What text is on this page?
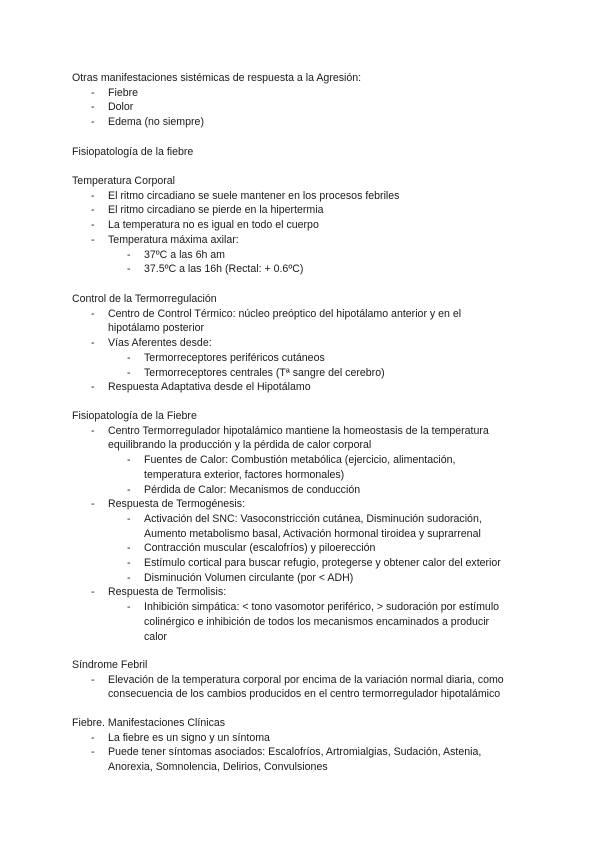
Otras manifestaciones sistémicas de respuesta a la Agresión:
-	Fiebre
-	Dolor
-	Edema (no siempre)
Fisiopatología de la fiebre
Temperatura Corporal
-	El ritmo circadiano se suele mantener en los procesos febriles
-	El ritmo circadiano se pierde en la hipertermia
-	La temperatura no es igual en todo el cuerpo
-	Temperatura máxima axilar:
-	37ºC a las 6h am
-	37.5ºC a las 16h (Rectal: + 0.6ºC)
Control de la Termorregulación
-	Centro de Control Térmico: núcleo preóptico del hipotálamo anterior y en el
hipotálamo posterior
-	Vías Aferentes desde:
-	Termorreceptores periféricos cutáneos
-	Termorreceptores centrales (Tª sangre del cerebro)
-	Respuesta Adaptativa desde el Hipotálamo
Fisiopatología de la Fiebre
-	Centro Termorregulador hipotalámico mantiene la homeostasis de la temperatura
equilibrando la producción y la pérdida de calor corporal
-	Fuentes de Calor: Combustión metabólica (ejercicio, alimentación,
temperatura exterior, factores hormonales)
-	Pérdida de Calor: Mecanismos de conducción
-	Respuesta de Termogénesis:
-	Activación del SNC: Vasoconstricción cutánea, Disminución sudoración,
Aumento metabolismo basal, Activación hormonal tiroidea y suprarrenal
-	Contracción muscular (escalofríos) y piloerección
-	Estímulo cortical para buscar refugio, protegerse y obtener calor del exterior
-	Disminución Volumen circulante (por < ADH)
-	Respuesta de Termolisis:
-	Inhibición simpática: < tono vasomotor periférico, > sudoración por estímulo
colinérgico e inhibición de todos los mecanismos encaminados a producir
calor
Síndrome Febril
-	Elevación de la temperatura corporal por encima de la variación normal diaria, como
consecuencia de los cambios producidos en el centro termorregulador hipotalámico
Fiebre. Manifestaciones Clínicas
-	La fiebre es un signo y un síntoma
-	Puede tener síntomas asociados: Escalofríos, Artromialgias, Sudación, Astenia,
Anorexia, Somnolencia, Delirios, Convulsiones
